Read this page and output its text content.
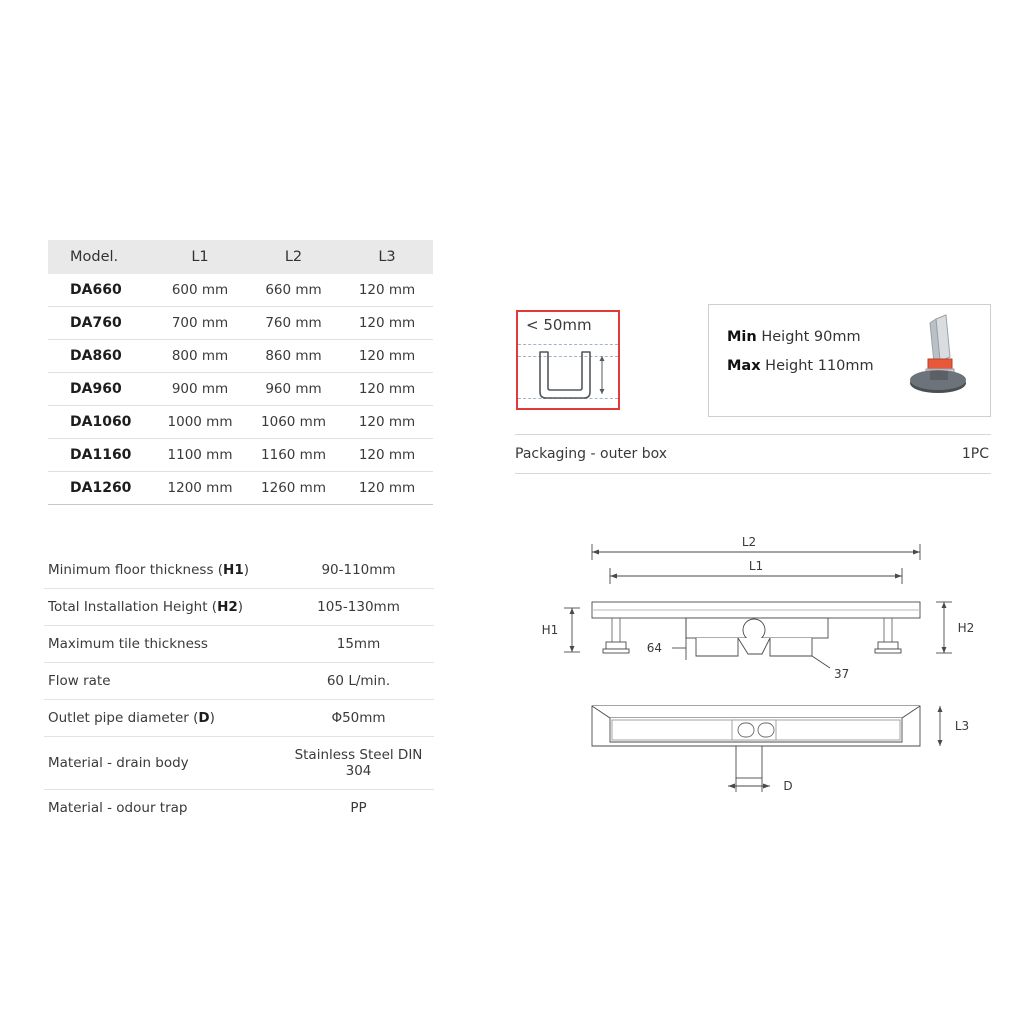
Model.	L1	L2	L3
DA660	600 mm	660 mm	120 mm
DA760	700 mm	760 mm	120 mm
DA860	800 mm	860 mm	120 mm
DA960	900 mm	960 mm	120 mm
DA1060	1000 mm	1060 mm	120 mm
DA1160	1100 mm	1160 mm	120 mm
DA1260	1200 mm	1260 mm	120 mm
Minimum floor thickness (H1)	90-110mm
Total Installation Height (H2)	105-130mm
Maximum tile thickness	15mm
Flow rate	60 L/min.
Outlet pipe diameter (D)	Φ50mm
Material - drain body	Stainless Steel DIN 304
Material - odour trap	PP
< 50mm
Min Height 90mm
Max Height 110mm
Packaging - outer box	1PC
L2
L1
H1	H2
64
37
D
L3
